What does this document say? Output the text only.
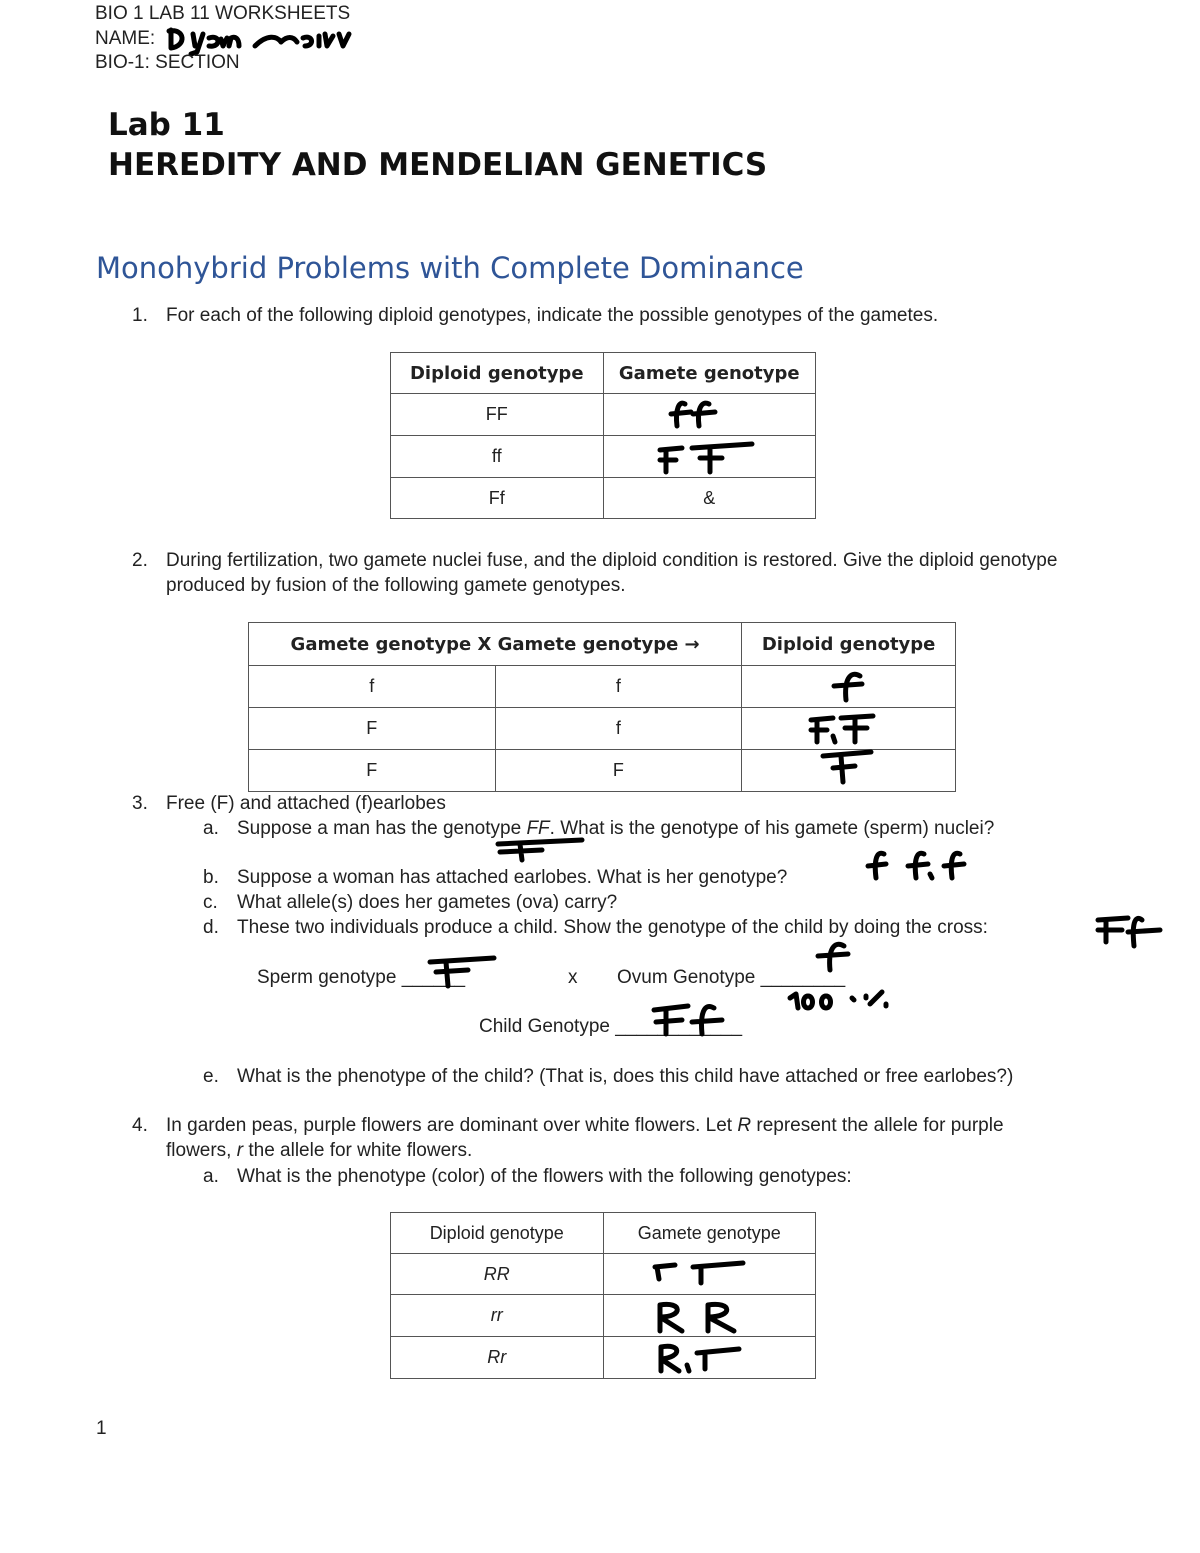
BIO 1 LAB 11 WORKSHEETS
NAME:
BIO-1: SECTION
Lab 11
HEREDITY AND MENDELIAN GENETICS
Monohybrid Problems with Complete Dominance
1. For each of the following diploid genotypes, indicate the possible genotypes of the gametes.
Diploid genotype	Gamete genotype
FF	
ff	
Ff	&
2. During fertilization, two gamete nuclei fuse, and the diploid condition is restored. Give the diploid genotype produced by fusion of the following gamete genotypes.
Gamete genotype X Gamete genotype →		Diploid genotype
f	f	
F	f	
F	F	
3. Free (F) and attached (f)earlobes
a. Suppose a man has the genotype FF. What is the genotype of his gamete (sperm) nuclei?
b. Suppose a woman has attached earlobes. What is her genotype?
c. What allele(s) does her gametes (ova) carry?
d. These two individuals produce a child. Show the genotype of the child by doing the cross:
Sperm genotype ______	x Ovum Genotype ________
Child Genotype ____________
e. What is the phenotype of the child? (That is, does this child have attached or free earlobes?)
4. In garden peas, purple flowers are dominant over white flowers. Let R represent the allele for purple flowers, r the allele for white flowers.
a. What is the phenotype (color) of the flowers with the following genotypes:
Diploid genotype	Gamete genotype
RR	
rr	
Rr	
1
